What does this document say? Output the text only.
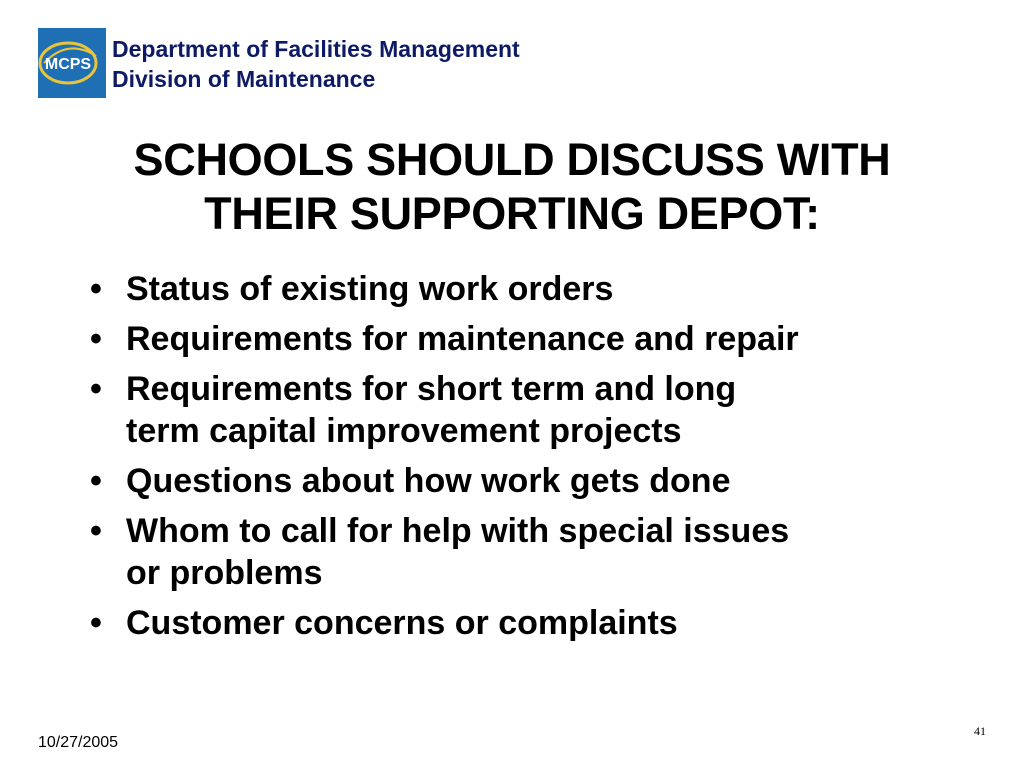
MCPS
Department of Facilities Management
Division of Maintenance
SCHOOLS SHOULD DISCUSS WITH
THEIR SUPPORTING DEPOT:
• Status of existing work orders
• Requirements for maintenance and repair
• Requirements for short term and long
term capital improvement projects
• Questions about how work gets done
• Whom to call for help with special issues
or problems
• Customer concerns or complaints
10/27/2005
41
